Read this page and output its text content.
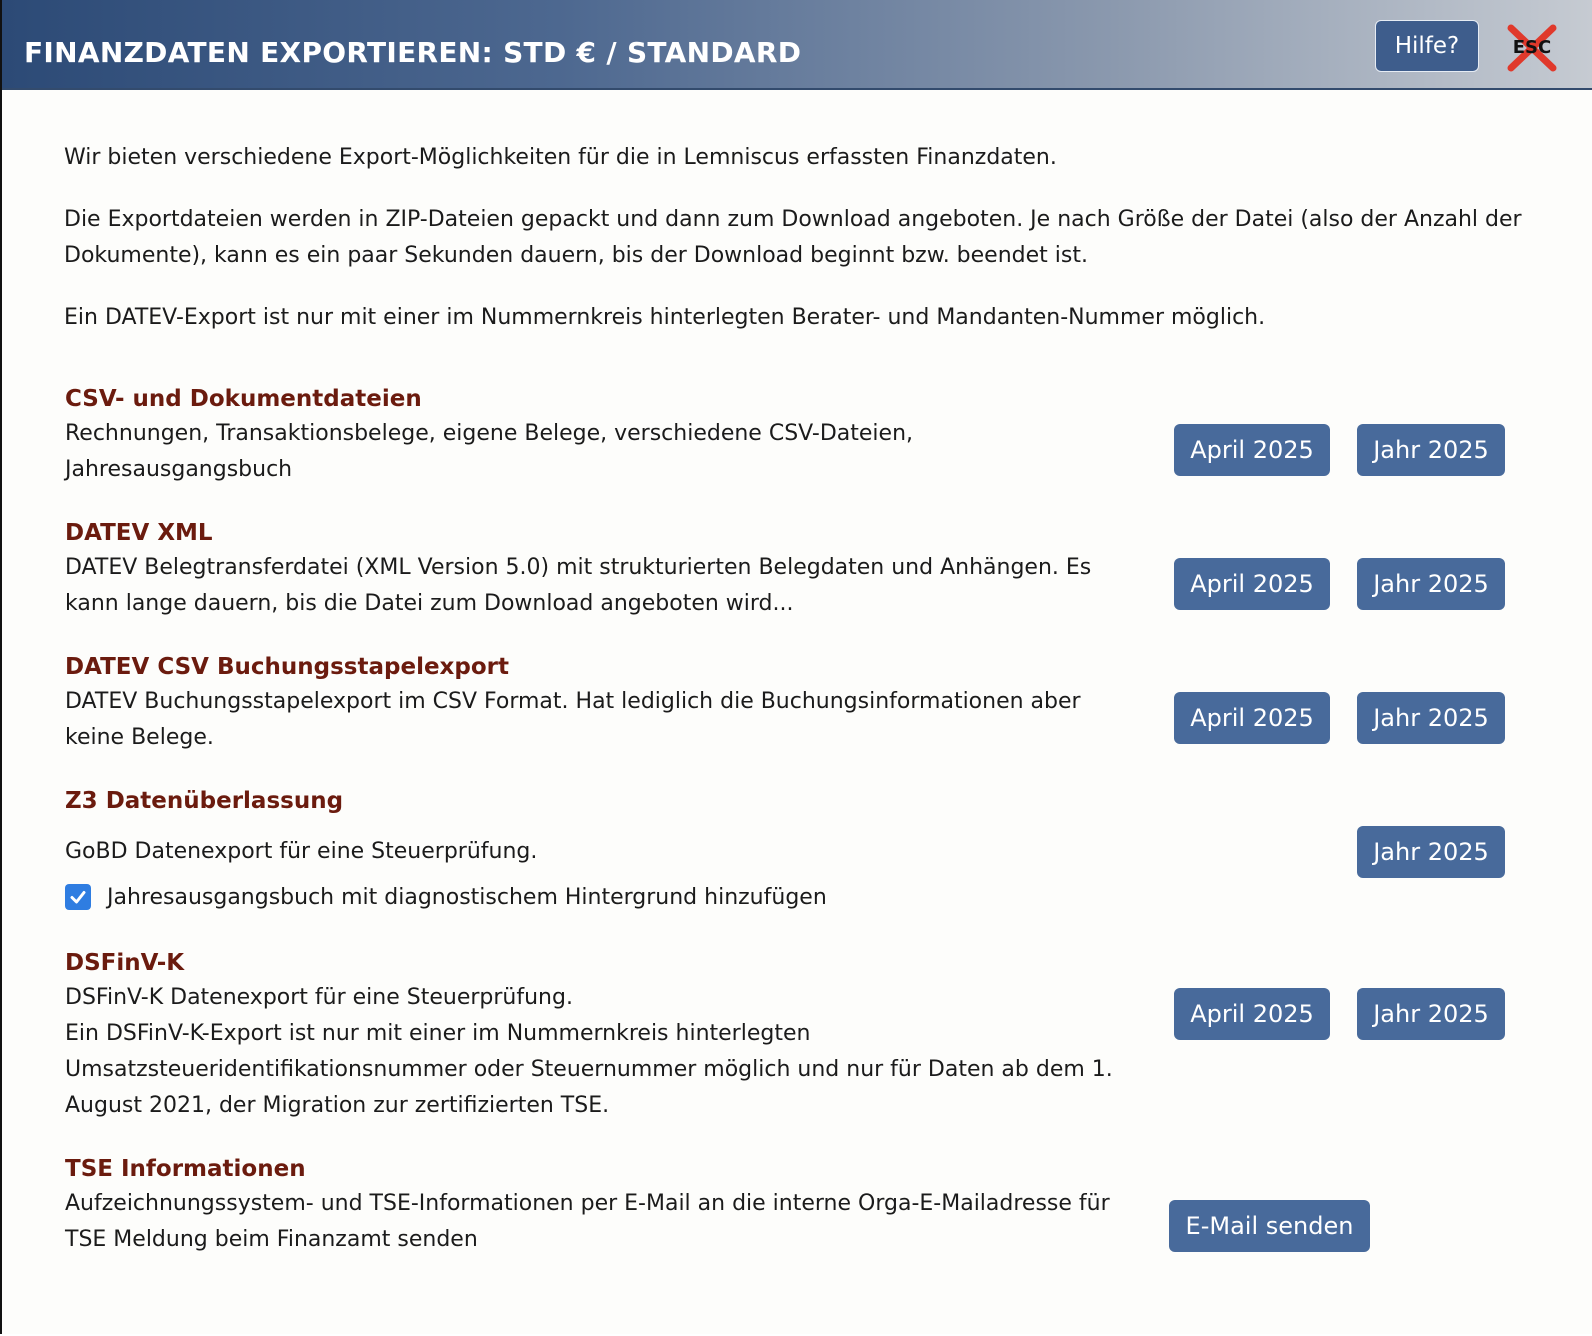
FINANZDATEN EXPORTIEREN: STD € / STANDARD	Hilfe?	ESC

Wir bieten verschiedene Export-Möglichkeiten für die in Lemniscus erfassten Finanzdaten.

Die Exportdateien werden in ZIP-Dateien gepackt und dann zum Download angeboten. Je nach Größe der Datei (also der Anzahl der Dokumente), kann es ein paar Sekunden dauern, bis der Download beginnt bzw. beendet ist.

Ein DATEV-Export ist nur mit einer im Nummernkreis hinterlegten Berater- und Mandanten-Nummer möglich.

CSV- und Dokumentdateien
Rechnungen, Transaktionsbelege, eigene Belege, verschiedene CSV-Dateien, Jahresausgangsbuch
April 2025	Jahr 2025
DATEV XML
DATEV Belegtransferdatei (XML Version 5.0) mit strukturierten Belegdaten und Anhängen. Es kann lange dauern, bis die Datei zum Download angeboten wird...
April 2025	Jahr 2025
DATEV CSV Buchungsstapelexport
DATEV Buchungsstapelexport im CSV Format. Hat lediglich die Buchungsinformationen aber keine Belege.
April 2025	Jahr 2025
Z3 Datenüberlassung
GoBD Datenexport für eine Steuerprüfung.
Jahresausgangsbuch mit diagnostischem Hintergrund hinzufügen
Jahr 2025
DSFinV-K
DSFinV-K Datenexport für eine Steuerprüfung.
Ein DSFinV-K-Export ist nur mit einer im Nummernkreis hinterlegten Umsatzsteueridentifikationsnummer oder Steuernummer möglich und nur für Daten ab dem 1. August 2021, der Migration zur zertifizierten TSE.
April 2025	Jahr 2025
TSE Informationen
Aufzeichnungssystem- und TSE-Informationen per E-Mail an die interne Orga-E-Mailadresse für TSE Meldung beim Finanzamt senden	E-Mail senden
